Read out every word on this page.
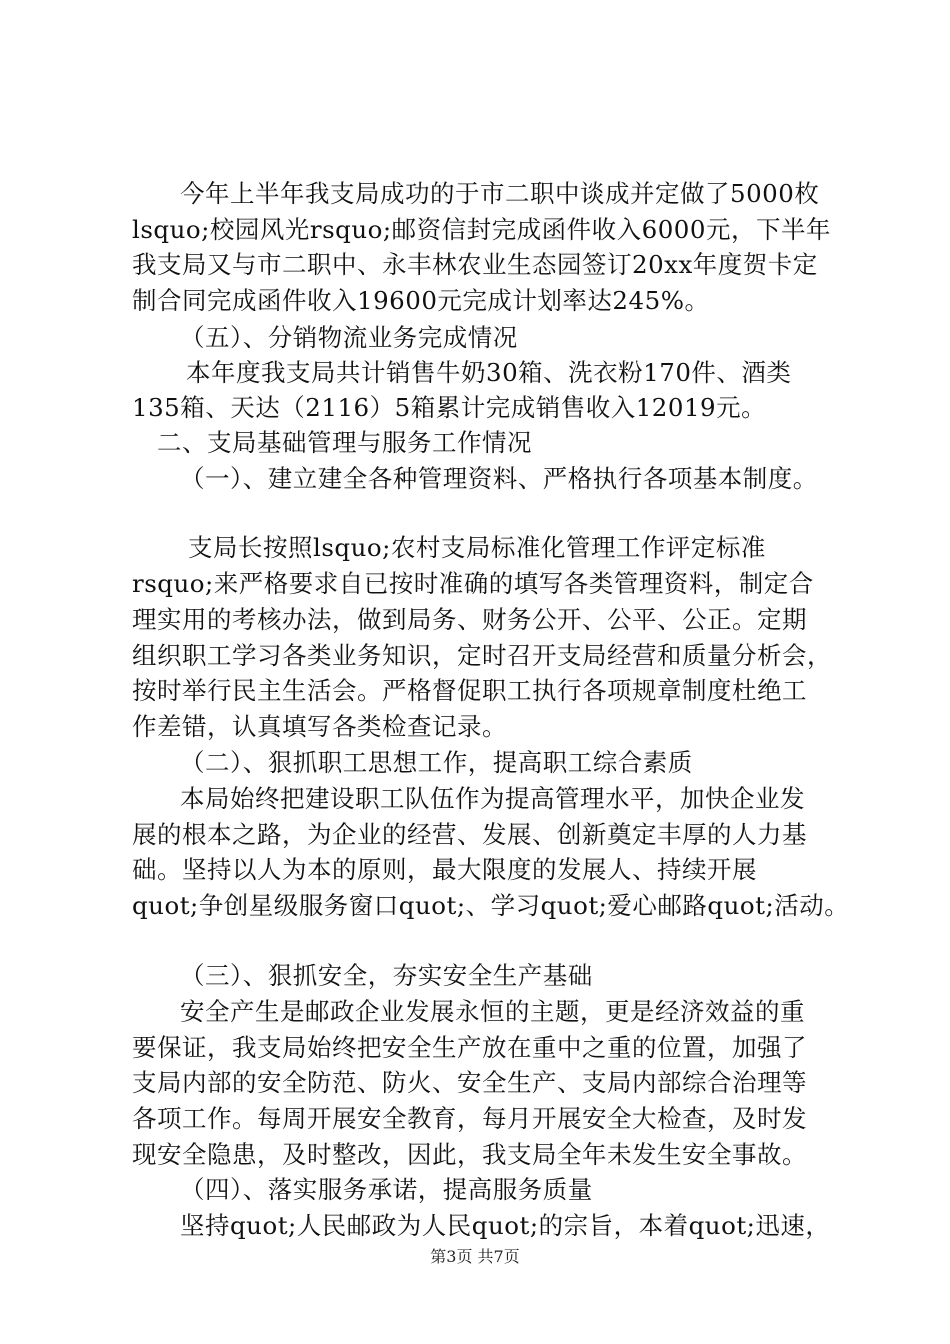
今年上半年我支局成功的于市二职中谈成并定做了5000枚
lsquo;校园风光rsquo;邮资信封完成函件收入6000元，下半年
我支局又与市二职中、永丰林农业生态园签订20xx年度贺卡定
制合同完成函件收入19600元完成计划率达245%。
（五）、分销物流业务完成情况
本年度我支局共计销售牛奶30箱、洗衣粉170件、酒类
135箱、天达（2116）5箱累计完成销售收入12019元。
二、支局基础管理与服务工作情况
（一）、建立建全各种管理资料、严格执行各项基本制度。
支局长按照lsquo;农村支局标准化管理工作评定标准
rsquo;来严格要求自已按时准确的填写各类管理资料，制定合
理实用的考核办法，做到局务、财务公开、公平、公正。定期
组织职工学习各类业务知识，定时召开支局经营和质量分析会，
按时举行民主生活会。严格督促职工执行各项规章制度杜绝工
作差错，认真填写各类检查记录。
（二）、狠抓职工思想工作，提高职工综合素质
本局始终把建设职工队伍作为提高管理水平，加快企业发
展的根本之路，为企业的经营、发展、创新奠定丰厚的人力基
础。坚持以人为本的原则，最大限度的发展人、持续开展
quot;争创星级服务窗口quot;、学习quot;爱心邮路quot;活动。
（三）、狠抓安全，夯实安全生产基础
安全产生是邮政企业发展永恒的主题，更是经济效益的重
要保证，我支局始终把安全生产放在重中之重的位置，加强了
支局内部的安全防范、防火、安全生产、支局内部综合治理等
各项工作。每周开展安全教育，每月开展安全大检查，及时发
现安全隐患，及时整改，因此，我支局全年未发生安全事故。
（四）、落实服务承诺，提高服务质量
坚持quot;人民邮政为人民quot;的宗旨，本着quot;迅速，
第3页 共7页
